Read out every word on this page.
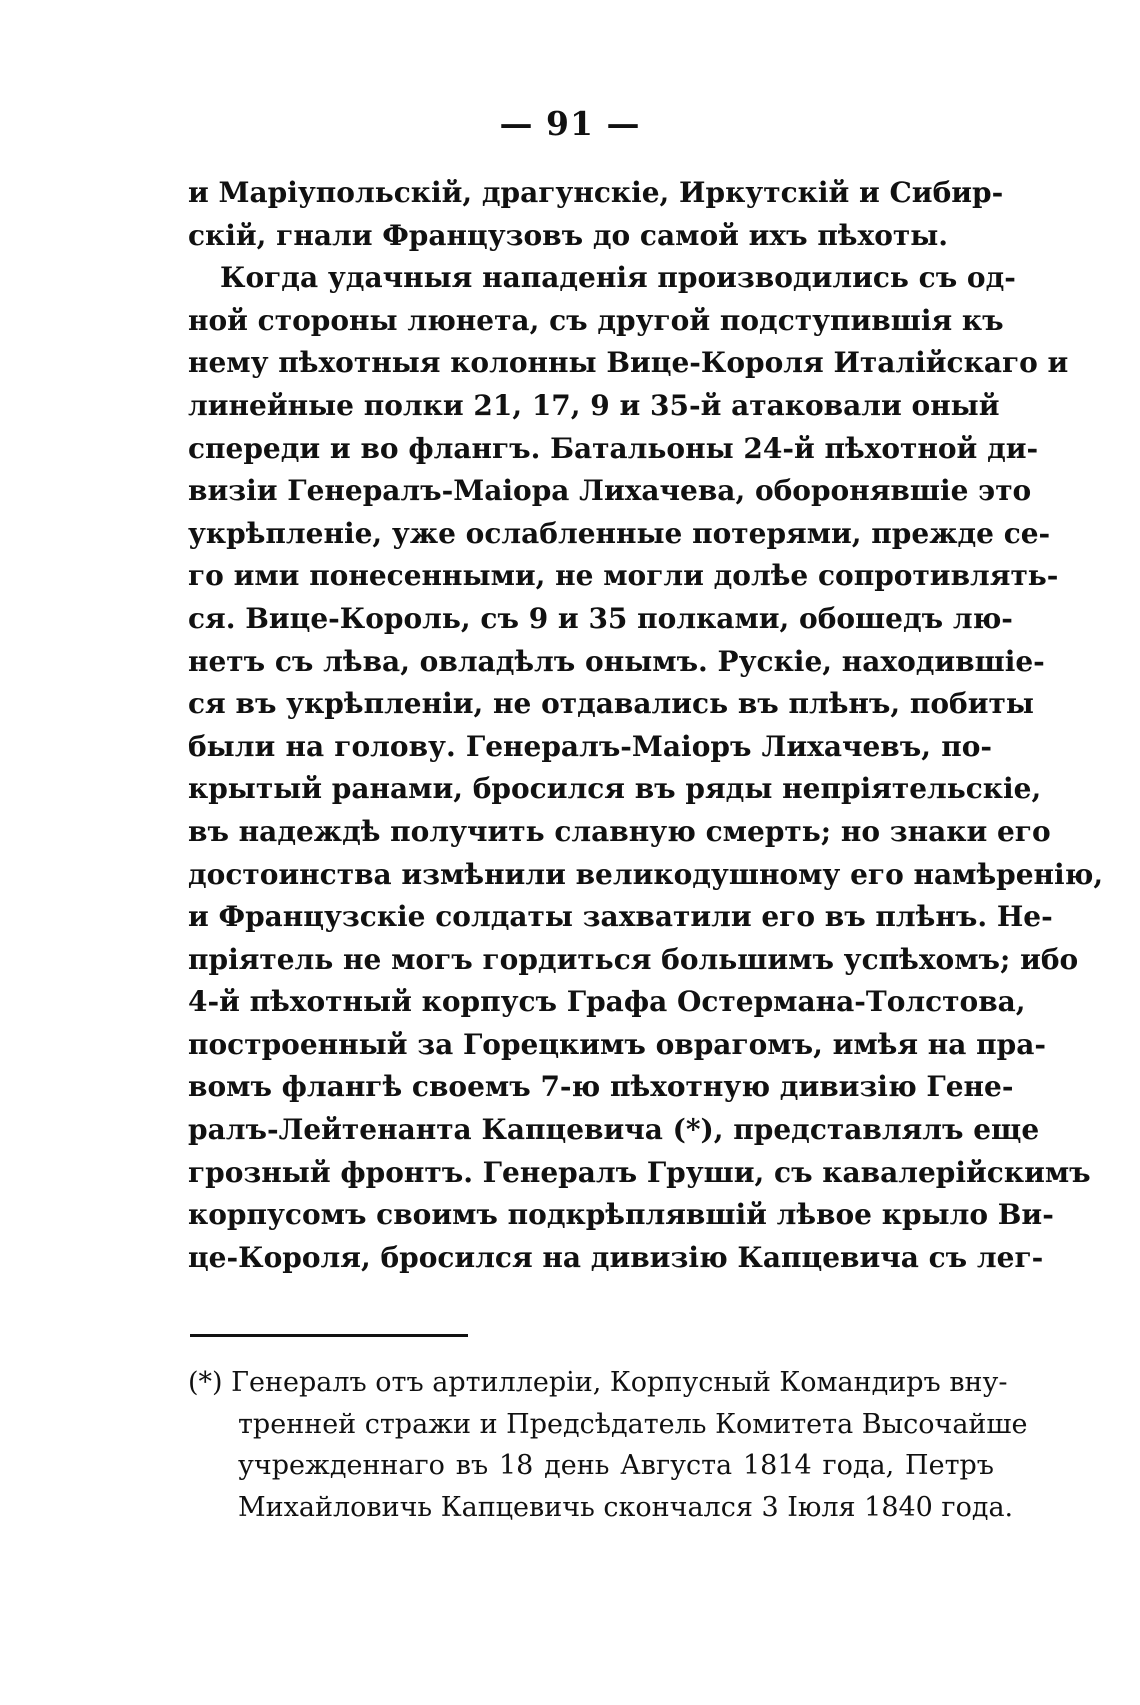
— 91 —
и Маріупольскій, драгунскіе, Иркутскій и Сибир-
скій, гнали Французовъ до самой ихъ пѣхоты.
Когда удачныя нападенія производились съ од-
ной стороны люнета, съ другой подступившія къ
нему пѣхотныя колонны Вице-Короля Италійскаго и
линейные полки 21, 17, 9 и 35-й атаковали оный
спереди и во флангъ. Батальоны 24-й пѣхотной ди-
визіи Генералъ-Маіора Лихачева, оборонявшіе это
укрѣпленіе, уже ослабленные потерями, прежде се-
го ими понесенными, не могли долѣе сопротивлять-
ся. Вице-Король, съ 9 и 35 полками, обошедъ лю-
нетъ съ лѣва, овладѣлъ онымъ. Рускіе, находившіе-
ся въ укрѣпленіи, не отдавались въ плѣнъ, побиты
были на голову. Генералъ-Маіоръ Лихачевъ, по-
крытый ранами, бросился въ ряды непріятельскіе,
въ надеждѣ получить славную смерть; но знаки его
достоинства измѣнили великодушному его намѣренію,
и Французскіе солдаты захватили его въ плѣнъ. Не-
пріятель не могъ гордиться большимъ успѣхомъ; ибо
4-й пѣхотный корпусъ Графа Остермана-Толстова,
построенный за Горецкимъ оврагомъ, имѣя на пра-
вомъ флангѣ своемъ 7-ю пѣхотную дивизію Гене-
ралъ-Лейтенанта Капцевича (*), представлялъ еще
грозный фронтъ. Генералъ Груши, съ кавалерійскимъ
корпусомъ своимъ подкрѣплявшій лѣвое крыло Ви-
це-Короля, бросился на дивизію Капцевича съ лег-
(*) Генералъ отъ артиллеріи, Корпусный Командиръ вну-
тренней стражи и Предсѣдатель Комитета Высочайше
учрежденнаго въ 18 день Августа 1814 года, Петръ
Михайловичь Капцевичь скончался 3 Іюля 1840 года.
